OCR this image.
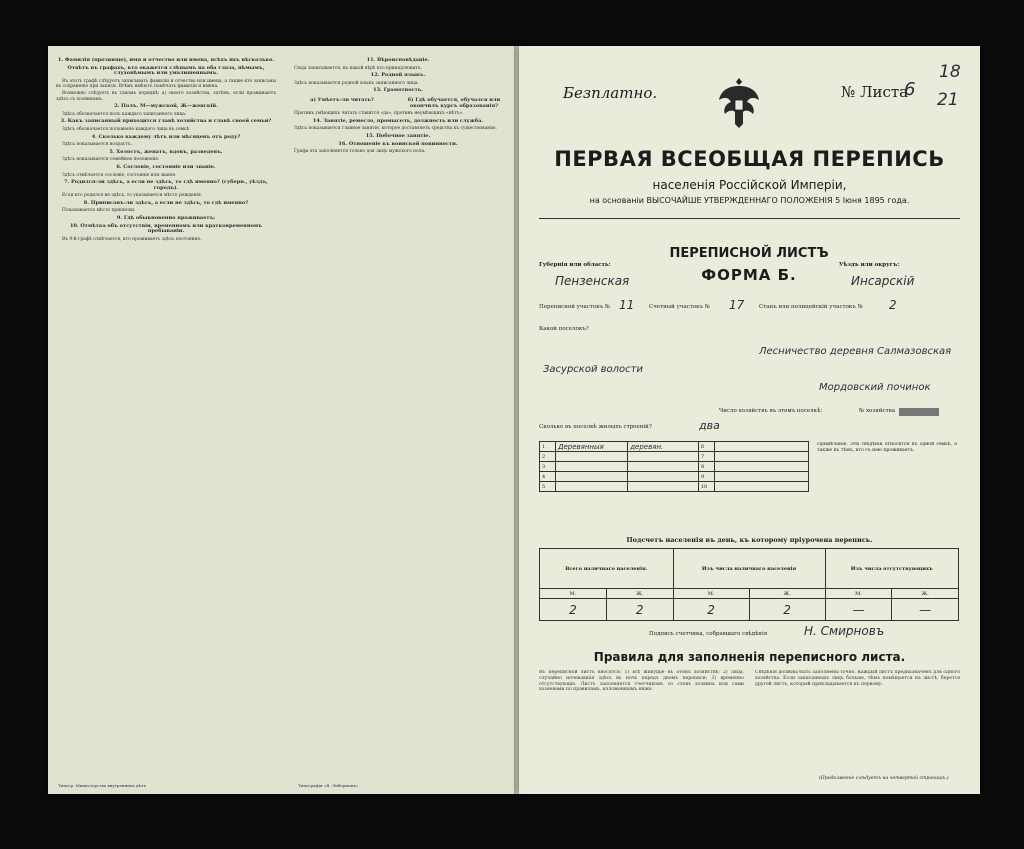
1. Фамилія (прозвище), имя и отчество или имена, всѣхъ ихъ вѣсколько.
Отвѣтъ въ графахъ, кто окажется слѣпымъ на оба глаза, нѣмымъ, глухонѣмымъ или умалишеннымъ.

Въ этотъ графѣ слѣдуетъ записывать фамиліи и отчество или имена, а также кто записаны въ сохраненіе при записи. Всѣмъ имѣютъ помѣчать фамиліи и имена.

Возможно слѣдуетъ въ такомъ порядкѣ: а) своего хозяйства, затѣмъ, если проживаютъ здѣсь съ хозяиномъ.

2. Полъ. М—мужской, Ж—женскій.

Здѣсь обозначается полъ каждаго записанного лица.

3. Какъ записанный приходится главѣ хозяйства и главѣ своей семьи?

Здѣсь обозначается положеніе каждого лица въ семьѣ.

4. Сколько каждому лѣтъ или мѣсяцевъ отъ роду?

Здѣсь показывается возрастъ.

5. Холостъ, женатъ, вдовъ, разведенъ.

Здѣсь показывается семейное положеніе.

6. Сословіе, состояніе или званіе.

Здѣсь отмѣчается сословіе, состояніе или званіе.

7. Родился-ли здѣсь, а если не здѣсь, то гдѣ именно? (губерн., уѣздъ, городъ).

Если кто родился не здѣсь, то указывается мѣсто рожденія.

8. Приписанъ-ли здѣсь, а если не здѣсь, то гдѣ именно?

Показывается мѣсто приписки.

9. Гдѣ обыкновенно проживаетъ;
10. Отмѣтка объ отсутствіи, временномъ или кратковременномъ пребываніи.

Въ 9-й графѣ отмѣчается, кто проживаетъ здѣсь постоянно.

11. Вѣроисповѣданіе.

Сюда записывается, къ какой вѣрѣ кто принадлежитъ.

12. Родной языкъ.

Здѣсь показывается родной языкъ записанного лица.

13. Грамотность.
а) Умѣетъ-ли читать?	б) Гдѣ обучается, обучался или окончилъ курсъ образованія?

Противъ умѣющихъ читать ставится «да», противъ неумѣющихъ «нѣтъ».

14. Занятіе, ремесло, промыселъ, должность или служба.

Здѣсь показывается главное занятіе, которое доставляетъ средства къ существованію.

15. Побочное занятіе.
16. Отношеніе къ воинской повинности.

Графа эта заполняется только для лицъ мужского пола.

Типогр. Министерства внутреннихъ дѣлъ	Типографія «Я. Либерманъ»
Безплатно.	№ Листа
6
18
21
ПЕРВАЯ ВСЕОБЩАЯ ПЕРЕПИСЬ
населенія Россійской Имперіи,
на основаніи ВЫСОЧАЙШЕ УТВЕРЖДЕННАГО ПОЛОЖЕНІЯ 5 Іюня 1895 года.
Губернія или область:
Пензенская
ПЕРЕПИСНОЙ ЛИСТЪ
ФОРМА Б.
Уѣздъ или округъ:
Инсарскій
Переписной участокъ № 11	Счетный участокъ № 17	Станъ или полицейскій участокъ № 2
Какой поселокъ?
Лесничество деревня Салмазовская
Засурской волости
Мордовский починок
Число хозяйствъ въ этомъ поселкѣ:	№ хозяйства
Сколько въ поселкѣ жилыхъ строеній?	два
1	Деревянныя	деревян.	6	
2			7	
3			8	
4			9	
5			10	
Примѣчаніе. Эти свѣдѣнія относятся къ одной семьѣ, а также къ тѣмъ, кто съ нею проживаетъ.
Подсчетъ населенія въ день, къ которому пріурочена перепись.
Всего наличнаго населенія.		Изъ числа наличнаго населенія		Изъ числа отсутствующихъ	
М.	Ж.	М.	Ж.	М.	Ж.
2	2	2	2	—	—
Подпись счетчика, собравшаго свѣдѣнія	Н. Смирновъ
Правила для заполненія переписного листа.
Въ переписной листъ вносятся: 1) всѣ живущіе въ этомъ хозяйствѣ; 2) лица, случайно ночевавшія здѣсь въ ночь передъ днемъ переписи; 3) временно отсутствующіе. Листъ заполняется счетчикомъ со словъ хозяина или сами хозяевами по правиламъ, изложеннымъ ниже.
Свѣдѣнія должны быть заполнены точно. Каждый листъ предназначенъ для одного хозяйства. Если записанныхъ лицъ больше, чѣмъ помѣщается на листѣ, берется другой листъ, который прикладывается къ первому.
(Продолженіе слѣдуетъ на четвертой страницѣ.)
